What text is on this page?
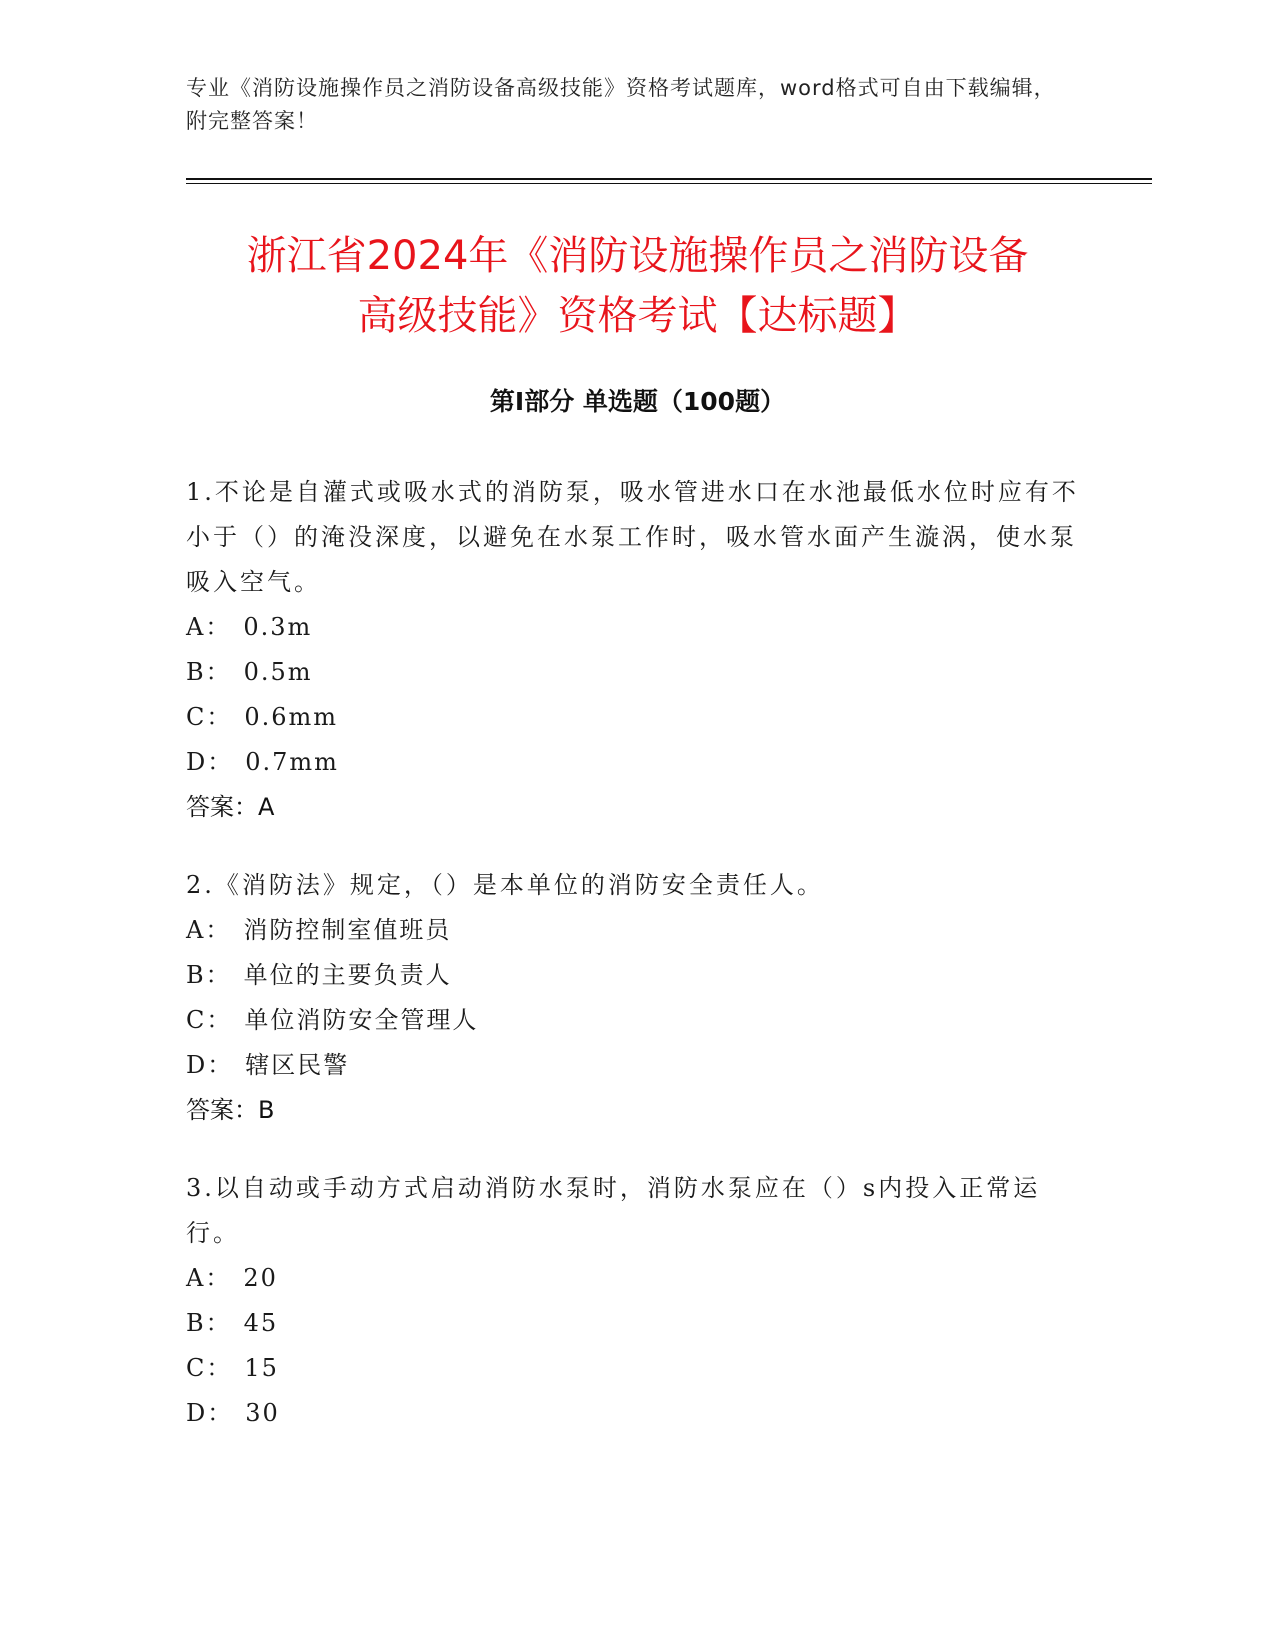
专业《消防设施操作员之消防设备高级技能》资格考试题库，word格式可自由下载编辑，附完整答案！
浙江省2024年《消防设施操作员之消防设备
高级技能》资格考试【达标题】
第I部分 单选题（100题）

1.不论是自灌式或吸水式的消防泵，吸水管进水口在水池最低水位时应有不小于（）的淹没深度，以避免在水泵工作时，吸水管水面产生漩涡，使水泵吸入空气。

A： 0.3m

B： 0.5m

C： 0.6mm

D： 0.7mm

答案：A

2.《消防法》规定，（）是本单位的消防安全责任人。

A： 消防控制室值班员

B： 单位的主要负责人

C： 单位消防安全管理人

D： 辖区民警

答案：B

3.以自动或手动方式启动消防水泵时，消防水泵应在（）s内投入正常运行。

A： 20

B： 45

C： 15

D： 30
